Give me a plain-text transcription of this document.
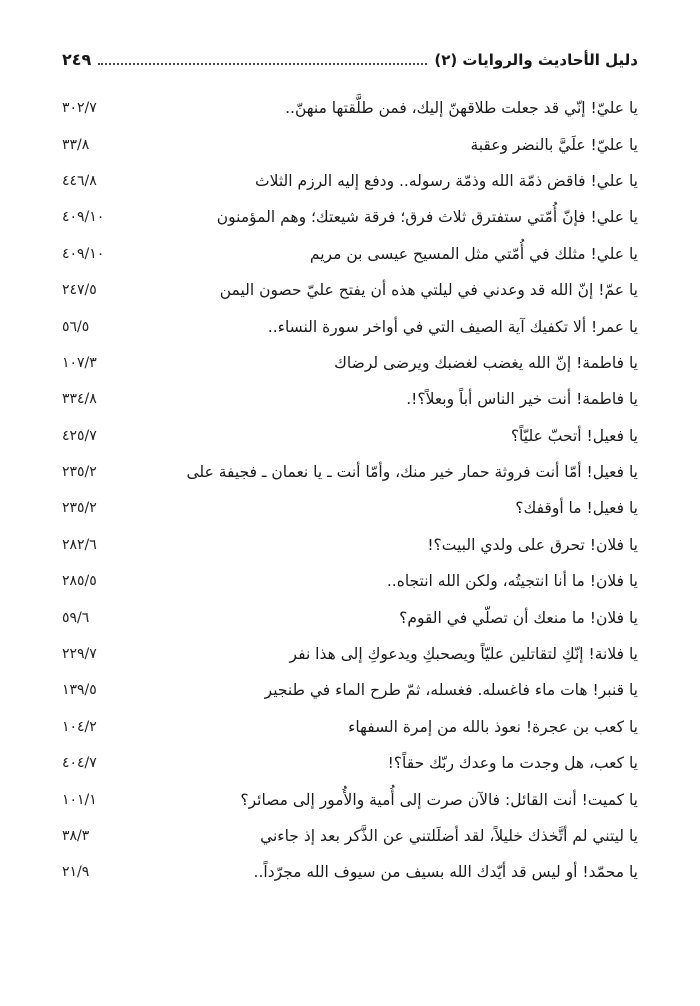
دليل الأحاديث والروايات (٢)
٢٤٩
يا عليّ! إنّي قد جعلت طلاقهنّ إليك، فمن طلَّقتها منهنّ..
٣٠٢/٧
يا عليّ! علَيَّ بالنضر وعقبة
٣٣/٨
يا علي! فاقض ذمّة الله وذمّة رسوله.. ودفع إليه الرزم الثلاث
٤٤٦/٨
يا علي! فإنّ أُمّتي ستفترق ثلاث فرق؛ فرقة شيعتك؛ وهم المؤمنون
٤٠٩/١٠
يا علي! مثلك في أُمّتي مثل المسيح عيسى بن مريم
٤٠٩/١٠
يا عمّ! إنّ الله قد وعدني في ليلتي هذه أن يفتح عليّ حصون اليمن
٢٤٧/٥
يا عمر! ألا تكفيك آية الصيف التي في أواخر سورة النساء..
٥٦/٥
يا فاطمة! إنّ الله يغضب لغضبك ويرضى لرضاك
١٠٧/٣
يا فاطمة! أنت خير الناس أباً وبعلاً؟!.
٣٣٤/٨
يا فعيل! أتحبّ عليّاً؟
٤٢٥/٧
يا فعيل! أمّا أنت فروثة حمار خير منك، وأمّا أنت ـ يا نعمان ـ فجيفة على
٢٣٥/٢
يا فعيل! ما أوقفك؟
٢٣٥/٢
يا فلان! تحرق على ولدي البيت؟!
٢٨٢/٦
يا فلان! ما أنا انتجيتُه، ولكن الله انتجاه..
٢٨٥/٥
يا فلان! ما منعك أن تصلّي في القوم؟
٥٩/٦
يا فلانة! إنّكِ لتقاتلين عليّاً ويصحبكِ ويدعوكِ إلى هذا نفر
٢٢٩/٧
يا قنبر! هات ماء فاغسله. فغسله، ثمّ طرح الماء في طنجير
١٣٩/٥
يا كعب بن عجرة! نعوذ بالله من إمرة السفهاء
١٠٤/٢
يا كعب، هل وجدت ما وعدك ربّك حقاً؟!
٤٠٤/٧
يا كميت! أنت القائل: فالآن صرت إلى أُمية والأُمور إلى مصائر؟
١٠١/١
يا ليتني لم أتَّخذك خليلاً، لقد أضلَلتني عن الذَّكر بعد إذ جاءني
٣٨/٣
يا محمّد! أو ليس قد أيّدك الله بسيف من سيوف الله مجرّداً..
٢١/٩
